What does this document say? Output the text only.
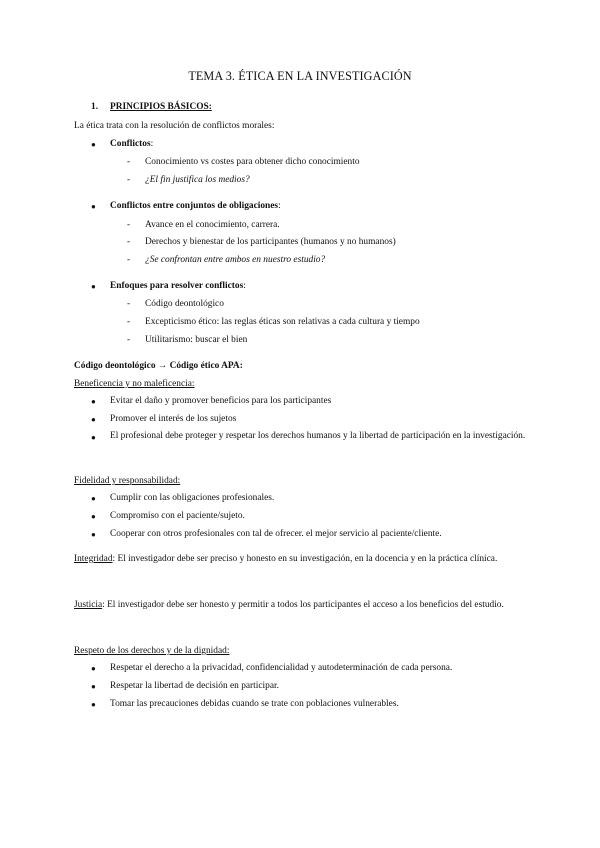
TEMA 3. ÉTICA EN LA INVESTIGACIÓN
1. PRINCIPIOS BÁSICOS:
La ética trata con la resolución de conflictos morales:
● Conflictos:
- Conocimiento vs costes para obtener dicho conocimiento
- ¿El fin justifica los medios?
● Conflictos entre conjuntos de obligaciones:
- Avance en el conocimiento, carrera.
- Derechos y bienestar de los participantes (humanos y no humanos)
- ¿Se confrontan entre ambos en nuestro estudio?
● Enfoques para resolver conflictos:
- Código deontológico
- Excepticismo ético: las reglas éticas son relativas a cada cultura y tiempo
- Utilitarismo: buscar el bien
Código deontológico → Código ético APA:
Beneficencia y no maleficencia:
● Evitar el daño y promover beneficios para los participantes
● Promover el interés de los sujetos
● El profesional debe proteger y respetar los derechos humanos y la libertad de participación en la investigación.
Fidelidad y responsabilidad:
● Cumplir con las obligaciones profesionales.
● Compromiso con el paciente/sujeto.
● Cooperar con otros profesionales con tal de ofrecer. el mejor servicio al paciente/cliente.
Integridad: El investigador debe ser preciso y honesto en su investigación, en la docencia y en la práctica clínica.
Justicia: El investigador debe ser honesto y permitir a todos los participantes el acceso a los beneficios del estudio.
Respeto de los derechos y de la dignidad:
● Respetar el derecho a la privacidad, confidencialidad y autodeterminación de cada persona.
● Respetar la libertad de decisión en participar.
● Tomar las precauciones debidas cuando se trate con poblaciones vulnerables.
